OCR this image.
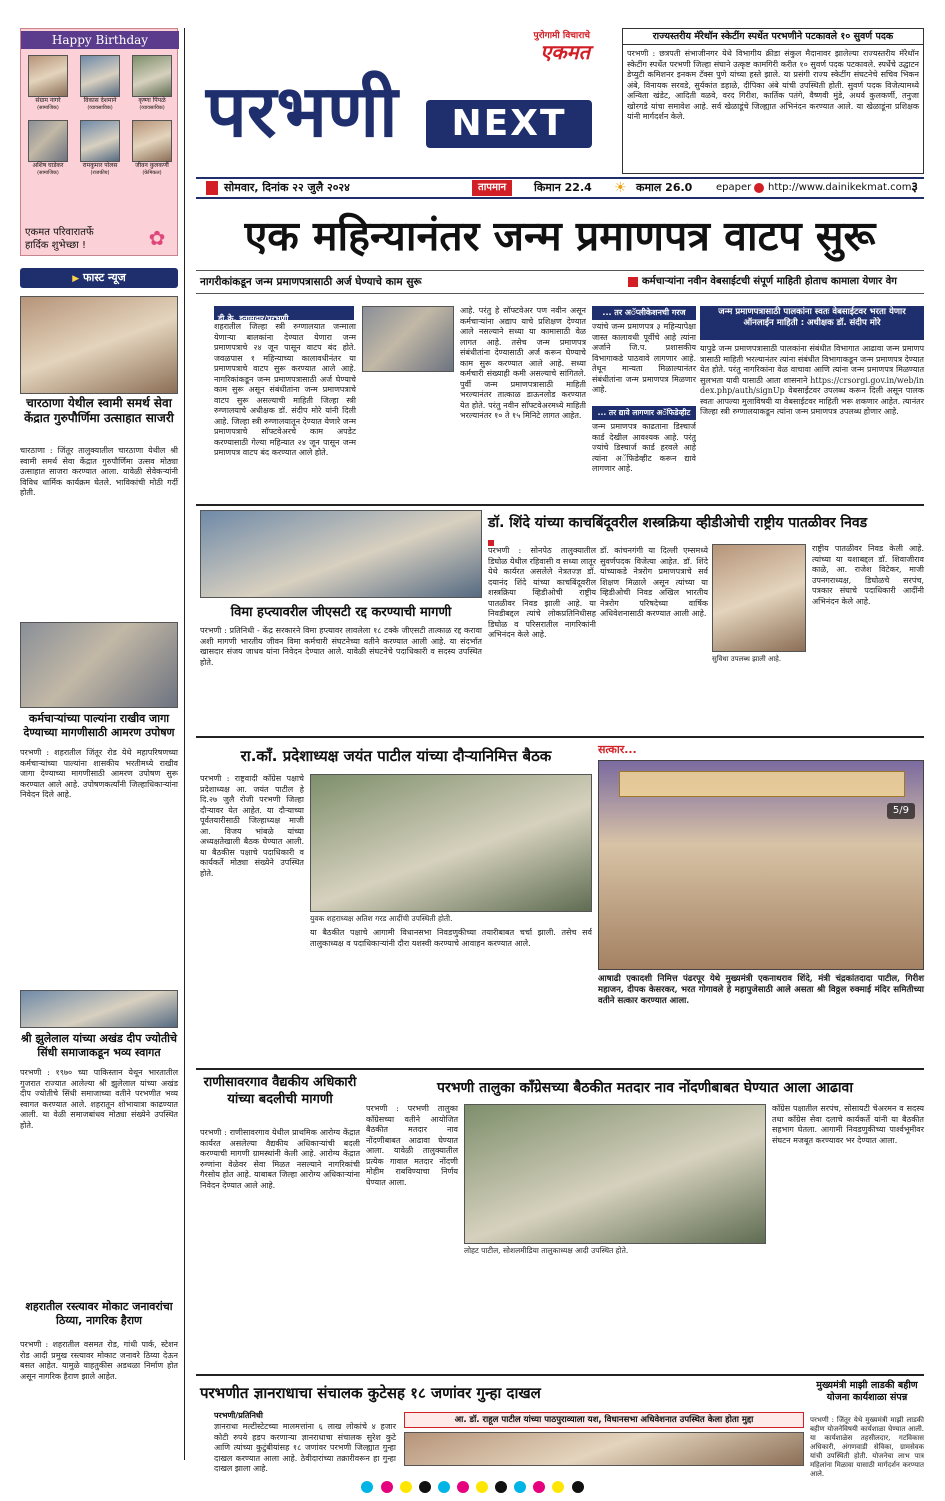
Happy Birthday
संग्राम नागरे
(सामाजिक)
विकास देशमाने
(व्यावसायिक)
कृष्णा पिंपळे
(व्यावसायिक)
अशिष घाडेकर
(सामाजिक)
रामकुमार पोलस
(राजकीय)
जीवन कुलकर्णी
(केमिकल)
एकमत परिवारातर्फे
हार्दिक शुभेच्छा !	✿
▶ फास्ट न्यूज
चारठाणा येथील स्वामी समर्थ सेवा केंद्रात गुरुपौर्णिमा उत्साहात साजरी
चारठाणा : जिंतूर तालुक्यातील चारठाणा येथील श्री स्वामी समर्थ सेवा केंद्रात गुरुपौर्णिमा उत्सव मोठ्या उत्साहात साजरा करण्यात आला. यावेळी सेवेकऱ्यांनी विविध धार्मिक कार्यक्रम घेतले. भाविकांची मोठी गर्दी होती.
कर्मचाऱ्यांच्या पाल्यांना राखीव जागा देण्याच्या मागणीसाठी आमरण उपोषण
परभणी : शहरातील जिंतूर रोड येथे महापरिषणच्या कर्मचाऱ्यांच्या पाल्यांना शासकीय भरतीमध्ये राखीव जागा देण्याच्या मागणीसाठी आमरण उपोषण सुरू करण्यात आले आहे. उपोषणकर्त्यांनी जिल्हाधिकाऱ्यांना निवेदन दिले आहे.
श्री झुलेलाल यांच्या अखंड दीप ज्योतीचे सिंधी समाजाकडून भव्य स्वागत
परभणी : १९७० च्या पाकिस्तान येथून भारतातील गुजरात राज्यात आलेल्या श्री झुलेलाल यांच्या अखंड दीप ज्योतीचे सिंधी समाजाच्या वतीने परभणीत भव्य स्वागत करण्यात आले. शहरातून शोभायात्रा काढण्यात आली. या वेळी समाजबांधव मोठ्या संख्येने उपस्थित होते.
शहरातील रस्त्यावर मोकाट जनावरांचा ठिय्या, नागरिक हैराण
परभणी : शहरातील वसमत रोड, गांधी पार्क, स्टेशन रोड आदी प्रमुख रस्त्यावर मोकाट जनावरे ठिय्या देऊन बसत आहेत. यामुळे वाहतुकीस अडथळा निर्माण होत असून नागरिक हैराण झाले आहेत.
पुरोगामी विचाराचे
एकमत
परभणी	NEXT
सोमवार, दिनांक २२ जुलै २०२४	तापमान	किमान 22.4 ☀ कमाल 26.0 epaper http://www.dainikekmat.com ३
राज्यस्तरीय मॅरेथॉन स्केटींग स्पर्धेत परभणीने पटकावले १० सुवर्ण पदक
परभणी : छत्रपती संभाजीनगर येथे विभागीय क्रीडा संकुल मैदानावर झालेल्या राज्यस्तरीय मॅरेथॉन स्केटींग स्पर्धेत परभणी जिल्हा संघाने उत्कृष्ट कामगिरी करीत १० सुवर्ण पदक पटकावले. स्पर्धेचे उद्घाटन डेप्युटी कमिशनर इनकम टॅक्स पुणे यांच्या हस्ते झाले. या प्रसंगी राज्य स्केटींग संघटनेचे सचिव भिकन अंबे, विनायक सरवडे, सुर्यकांत डहाळे, दीपिका अंबे यांची उपस्थिती होती. सुवर्ण पदक विजेत्यामध्ये अन्विता खंडेट, आदिती वळवे, वरद गिरीश, कार्तिक पतंगे, वैष्णवी मुंडे, अथर्व कुलकर्णी, तनुजा खोरगडे यांचा समावेश आहे. सर्व खेळाडूंचे जिल्ह्यात अभिनंदन करण्यात आले. या खेळाडूंना प्रशिक्षक यांनी मार्गदर्शन केले.
एक महिन्यानंतर जन्म प्रमाणपत्र वाटप सुरू
नागरीकांकडून जन्म प्रमाणपत्रासाठी अर्ज घेण्याचे काम सुरू	कर्मचाऱ्यांना नवीन वेबसाईटची संपूर्ण माहिती होताच कामाला येणार वेग
डी.के. इनामदार/परभणी
शहरातील जिल्हा स्त्री रुग्णालयात जन्माला येणाऱ्या बालकांना देण्यात येणारा जन्म प्रमाणपत्राचे २४ जून पासून वाटप बंद होते. जवळपास १ महिन्याच्या कालावधीनंतर या प्रमाणपत्राचे वाटप सुरू करण्यात आले आहे. नागरिकांकडून जन्म प्रमाणपत्रासाठी अर्ज घेण्याचे काम सुरू असून संबंधीतांना जन्म प्रमाणपत्राचे वाटप सुरू असल्याची माहिती जिल्हा स्त्री रुग्णालयाचे अधीक्षक डॉ. संदीप मोरे यांनी दिली आहे. जिल्हा स्त्री रुग्णालयातून देण्यात येणारे जन्म प्रमाणपत्राचे सॉफ्टवेअरचे काम अपडेट करण्यासाठी गेल्या महिन्यात २४ जून पासून जन्म प्रमाणपत्र वाटप बंद करण्यात आले होते.
आहे. परंतु हे सॉफ्टवेअर पण नवीन असून कर्मचाऱ्यांना अद्याप याचे प्रशिक्षण देण्यात आले नसल्याने सध्या या कामासाठी वेळ लागत आहे. तसेच जन्म प्रमाणपत्र संबंधीतांना देण्यासाठी अर्ज करून घेण्याचे काम सुरू करण्यात आले आहे. सध्या कर्मचारी संख्याही कमी असल्याचे सांगितले. पुर्वी जन्म प्रमाणपत्रासाठी माहिती भरल्यानंतर तात्काळ डाऊनलोड करण्यात येत होते. परंतु नवीन सॉफ्टवेअरमध्ये माहिती भरल्यानंतर १० ते १५ मिनिटे लागत आहेत.
... तर अॅप्लीकेशनची गरज
ज्यांचे जन्म प्रमाणपत्र ३ महिन्यापेक्षा जास्त कालावधी पूर्वीचे आहे त्यांना अर्जाने जि.प. प्रशासकीय विभागाकडे पाठवावे लागणार आहे. तेथून मान्यता मिळाल्यानंतर संबंधीतांना जन्म प्रमाणपत्र मिळणार आहे.
... तर द्यावे लागणार अॅफिडेव्हीट
जन्म प्रमाणपत्र काढताना डिस्चार्ज कार्ड देखील आवश्यक आहे. परंतु ज्यांचे डिस्चार्ज कार्ड हरवले आहे त्यांना अॅफिडेव्हीट करून द्यावे लागणार आहे.
जन्म प्रमाणपत्रासाठी पालकांना स्वतः वेबसाईटवर भरता येणार ऑनलाईन माहिती : अधीक्षक डॉ. संदीप मोरे
यापुढे जन्म प्रमाणपत्रासाठी पालकांना संबंधीत विभागात आढावा जन्म प्रमाणपत्रासाठी माहिती भरल्यानंतर त्यांना संबंधीत विभागाकडून जन्म प्रमाणपत्र देण्यात येत होते. परंतु नागरिकांना वेळ वाचावा आणि त्यांना जन्म प्रमाणपत्र मिळण्यात सुलभता यावी यासाठी आता शासनाने https://crsorgi.gov.in/web/index.php/auth/signUp वेबसाईटवर उपलब्ध करून दिली असून पालक स्वतः आपल्या मुलाविषयी या वेबसाईटवर माहिती भरू शकणार आहेत. त्यानंतर जिल्हा स्त्री रुग्णालयाकडून त्यांना जन्म प्रमाणपत्र उपलब्ध होणार आहे.
डॉ. शिंदे यांच्या काचबिंदूवरील शस्त्रक्रिया व्हीडीओची राष्ट्रीय पातळीवर निवड
परभणी : सोनपेठ तालुक्यातील डिघोळ येथील रहिवासी व सध्या लातूर येथे कार्यरत असलेले नेत्रतज्ज्ञ डॉ. दयानंद शिंदे यांच्या काचबिंदूवरील शस्त्रक्रिया व्हिडीओची राष्ट्रीय पातळीवर निवड झाली आहे. या निवडीबद्दल त्यांचे लोकप्रतिनिधीसह डिघोळ व परिसरातील नागरिकांनी अभिनंदन केले आहे.
डॉ. कांचनगंगी या दिल्ली एम्समध्ये सुवर्णपदक विजेत्या आहेत. डॉ. शिंदे यांच्याकडे नेत्ररोग प्रमाणपत्राचे सर्व शिक्षण मिळाले असून त्यांच्या या व्हिडीओची निवड अखिल भारतीय नेत्ररोग परिषदेच्या वार्षिक अधिवेशनासाठी करण्यात आली आहे.
सुविधा उपलब्ध झाली आहे.
राष्ट्रीय पातळीवर निवड केली आहे. त्यांच्या या यशाबद्दल डॉ. शिवाजीराव काळे, आ. राजेश विटेकर, माजी उपनगराध्यक्ष, डिघोळचे सरपंच, पत्रकार संघाचे पदाधिकारी आदींनी अभिनंदन केले आहे.
विमा हप्त्यावरील जीएसटी रद्द करण्याची मागणी
परभणी : प्रतिनिधी - केंद्र सरकारने विमा हप्त्यावर लावलेला १८ टक्के जीएसटी तात्काळ रद्द करावा अशी मागणी भारतीय जीवन विमा कर्मचारी संघटनेच्या वतीने करण्यात आली आहे. या संदर्भात खासदार संजय जाधव यांना निवेदन देण्यात आले. यावेळी संघटनेचे पदाधिकारी व सदस्य उपस्थित होते.
रा.काँ. प्रदेशाध्यक्ष जयंत पाटील यांच्या दौऱ्यानिमित्त बैठक
परभणी : राष्ट्रवादी काँग्रेस पक्षाचे प्रदेशाध्यक्ष आ. जयंत पाटील हे दि.२७ जुलै रोजी परभणी जिल्हा दौऱ्यावर येत आहेत. या दौऱ्याच्या पूर्वतयारीसाठी जिल्हाध्यक्ष माजी आ. विजय भांबळे यांच्या अध्यक्षतेखाली बैठक घेण्यात आली. या बैठकीस पक्षाचे पदाधिकारी व कार्यकर्ते मोठ्या संख्येने उपस्थित होते.
युवक शहराध्यक्ष अतिश गरड आदींची उपस्थिती होती.
या बैठकीत पक्षाचे आगामी विधानसभा निवडणुकीच्या तयारीबाबत चर्चा झाली. तसेच सर्व तालुकाध्यक्ष व पदाधिकाऱ्यांनी दौरा यशस्वी करण्याचे आवाहन करण्यात आले.
सत्कार...
5/9
आषाढी एकादशी निमित्त पंढरपूर येथे मुख्यमंत्री एकनाथराव शिंदे, मंत्री चंद्रकांतदादा पाटील, गिरीश महाजन, दीपक केसरकर, भरत गोगावले हे महापुजेसाठी आले असता श्री विठ्ठल रुक्माई मंदिर समितीच्या वतीने सत्कार करण्यात आला.
राणीसावरगाव वैद्यकीय अधिकारी यांच्या बदलीची मागणी
परभणी : राणीसावरगाव येथील प्राथमिक आरोग्य केंद्रात कार्यरत असलेल्या वैद्यकीय अधिकाऱ्यांची बदली करण्याची मागणी ग्रामस्थांनी केली आहे. आरोग्य केंद्रात रुग्णांना वेळेवर सेवा मिळत नसल्याने नागरिकांची गैरसोय होत आहे. याबाबत जिल्हा आरोग्य अधिकाऱ्यांना निवेदन देण्यात आले आहे.
परभणी तालुका काँग्रेसच्या बैठकीत मतदार नाव नोंदणीबाबत घेण्यात आला आढावा
परभणी : परभणी तालुका काँग्रेसच्या वतीने आयोजित बैठकीत मतदार नाव नोंदणीबाबत आढावा घेण्यात आला. यावेळी तालुक्यातील प्रत्येक गावात मतदार नोंदणी मोहीम राबविण्याचा निर्णय घेण्यात आला.
लोहट पाटील, सोशलमीडिया तालुकाध्यक्ष आदी उपस्थित होते.
काँग्रेस पक्षातील सरपंच, सोसायटी चेअरमन व सदस्य तथा काँग्रेस सेवा दलाचे कार्यकर्ते यांनी या बैठकीत सहभाग घेतला. आगामी निवडणुकीच्या पार्श्वभूमीवर संघटन मजबूत करण्यावर भर देण्यात आला.
परभणीत ज्ञानराधाचा संचालक कुटेसह १८ जणांवर गुन्हा दाखल
परभणी/प्रतिनिधी
ज्ञानराधा मल्टीस्टेटच्या मालमत्तांना ६ लाख लोकांचे ४ हजार कोटी रुपये हडप करणाऱ्या ज्ञानराधाचा संचालक सुरेश कुटे आणि त्यांच्या कुटुंबीयांसह १८ जणांवर परभणी जिल्ह्यात गुन्हा दाखल करण्यात आला आहे. ठेवीदारांच्या तक्रारीवरून हा गुन्हा दाखल झाला आहे.
आ. डॉ. राहूल पाटील यांच्या पाठपुराव्याला यश, विधानसभा अधिवेशनात उपस्थित केला होता मुद्दा
मुख्यमंत्री माझी लाडकी बहीण योजना कार्यशाळा संपन्न
परभणी : जिंतूर येथे मुख्यमंत्री माझी लाडकी बहीण योजनेविषयी कार्यशाळा घेण्यात आली. या कार्यशाळेस तहसीलदार, गटविकास अधिकारी, अंगणवाडी सेविका, ग्रामसेवक यांची उपस्थिती होती. योजनेचा लाभ पात्र महिलांना मिळावा यासाठी मार्गदर्शन करण्यात आले.
